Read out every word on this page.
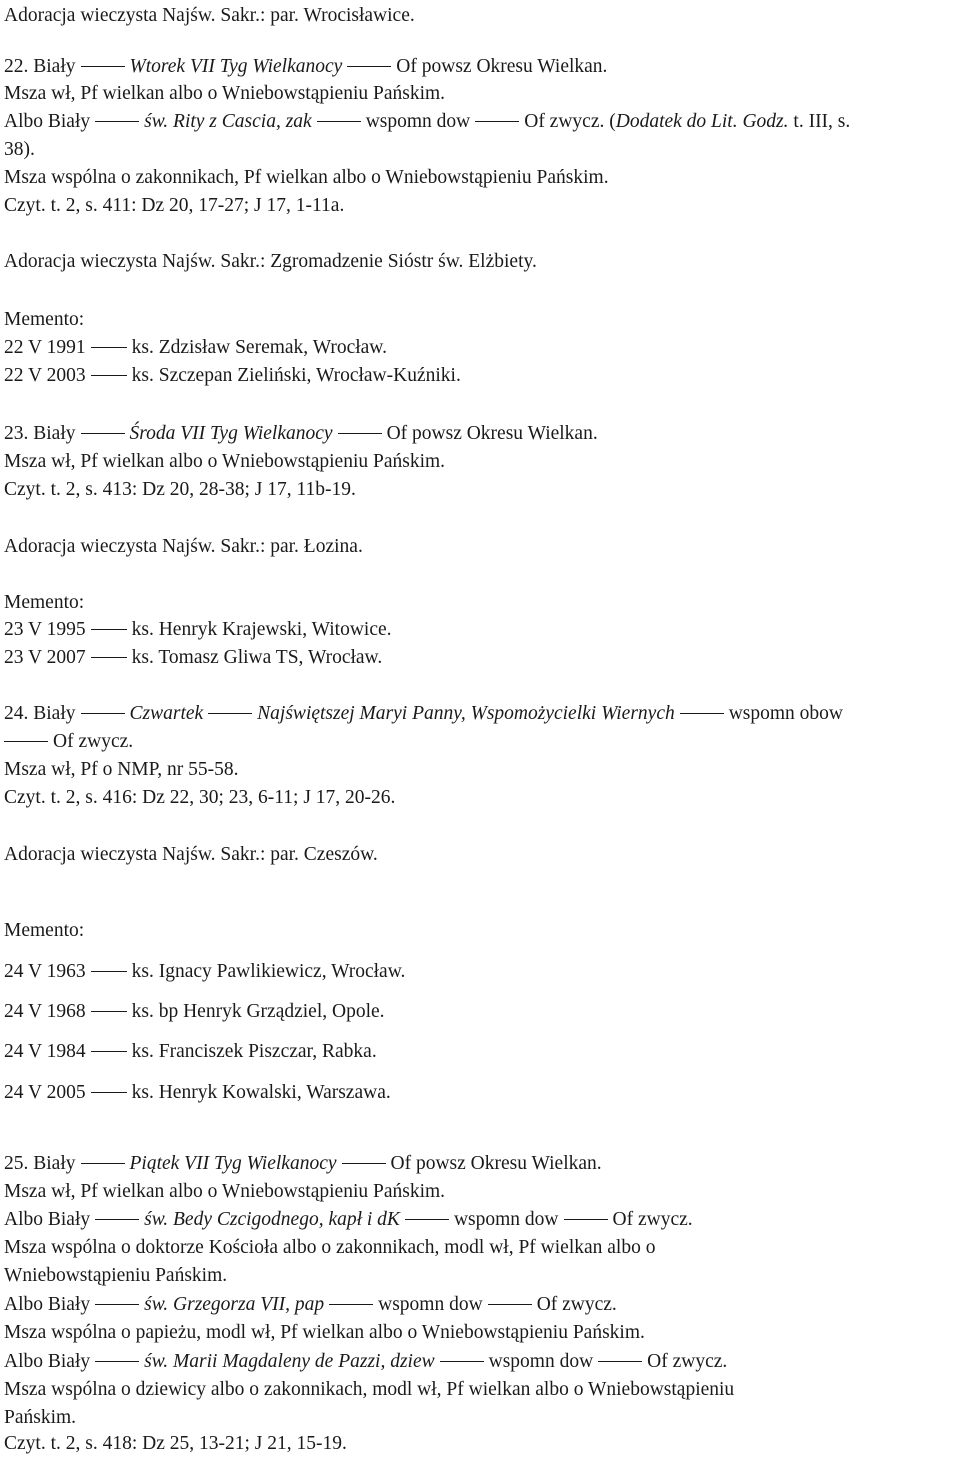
Adoracja wieczysta Najśw. Sakr.: par. Wrocisławice.
22. Biały	Wtorek VII Tyg Wielkanocy	Of powsz Okresu Wielkan.
Msza wł, Pf wielkan albo o Wniebowstąpieniu Pańskim.
Albo Biały	św. Rity z Cascia, zak	wspomn dow	Of zwycz. (Dodatek do Lit. Godz. t. III, s.
38).
Msza wspólna o zakonnikach, Pf wielkan albo o Wniebowstąpieniu Pańskim.
Czyt. t. 2, s. 411: Dz 20, 17-27; J 17, 1-11a.
Adoracja wieczysta Najśw. Sakr.: Zgromadzenie Sióstr św. Elżbiety.
Memento:
22 V 1991 ks. Zdzisław Seremak, Wrocław.
22 V 2003 ks. Szczepan Zieliński, Wrocław-Kuźniki.
23. Biały	Środa VII Tyg Wielkanocy	Of powsz Okresu Wielkan.
Msza wł, Pf wielkan albo o Wniebowstąpieniu Pańskim.
Czyt. t. 2, s. 413: Dz 20, 28-38; J 17, 11b-19.
Adoracja wieczysta Najśw. Sakr.: par. Łozina.
Memento:
23 V 1995 ks. Henryk Krajewski, Witowice.
23 V 2007 ks. Tomasz Gliwa TS, Wrocław.
24. Biały	Czwartek	Najświętszej Maryi Panny, Wspomożycielki Wiernych	wspomn obow
Of zwycz.
Msza wł, Pf o NMP, nr 55-58.
Czyt. t. 2, s. 416: Dz 22, 30; 23, 6-11; J 17, 20-26.
Adoracja wieczysta Najśw. Sakr.: par. Czeszów.
Memento:
24 V 1963 ks. Ignacy Pawlikiewicz, Wrocław.
24 V 1968 ks. bp Henryk Grządziel, Opole.
24 V 1984 ks. Franciszek Piszczar, Rabka.
24 V 2005 ks. Henryk Kowalski, Warszawa.
25. Biały	Piątek VII Tyg Wielkanocy	Of powsz Okresu Wielkan.
Msza wł, Pf wielkan albo o Wniebowstąpieniu Pańskim.
Albo Biały	św. Bedy Czcigodnego, kapł i dK	wspomn dow	Of zwycz.
Msza wspólna o doktorze Kościoła albo o zakonnikach, modl wł, Pf wielkan albo o
Wniebowstąpieniu Pańskim.
Albo Biały	św. Grzegorza VII, pap	wspomn dow	Of zwycz.
Msza wspólna o papieżu, modl wł, Pf wielkan albo o Wniebowstąpieniu Pańskim.
Albo Biały	św. Marii Magdaleny de Pazzi, dziew	wspomn dow	Of zwycz.
Msza wspólna o dziewicy albo o zakonnikach, modl wł, Pf wielkan albo o Wniebowstąpieniu
Pańskim.
Czyt. t. 2, s. 418: Dz 25, 13-21; J 21, 15-19.
